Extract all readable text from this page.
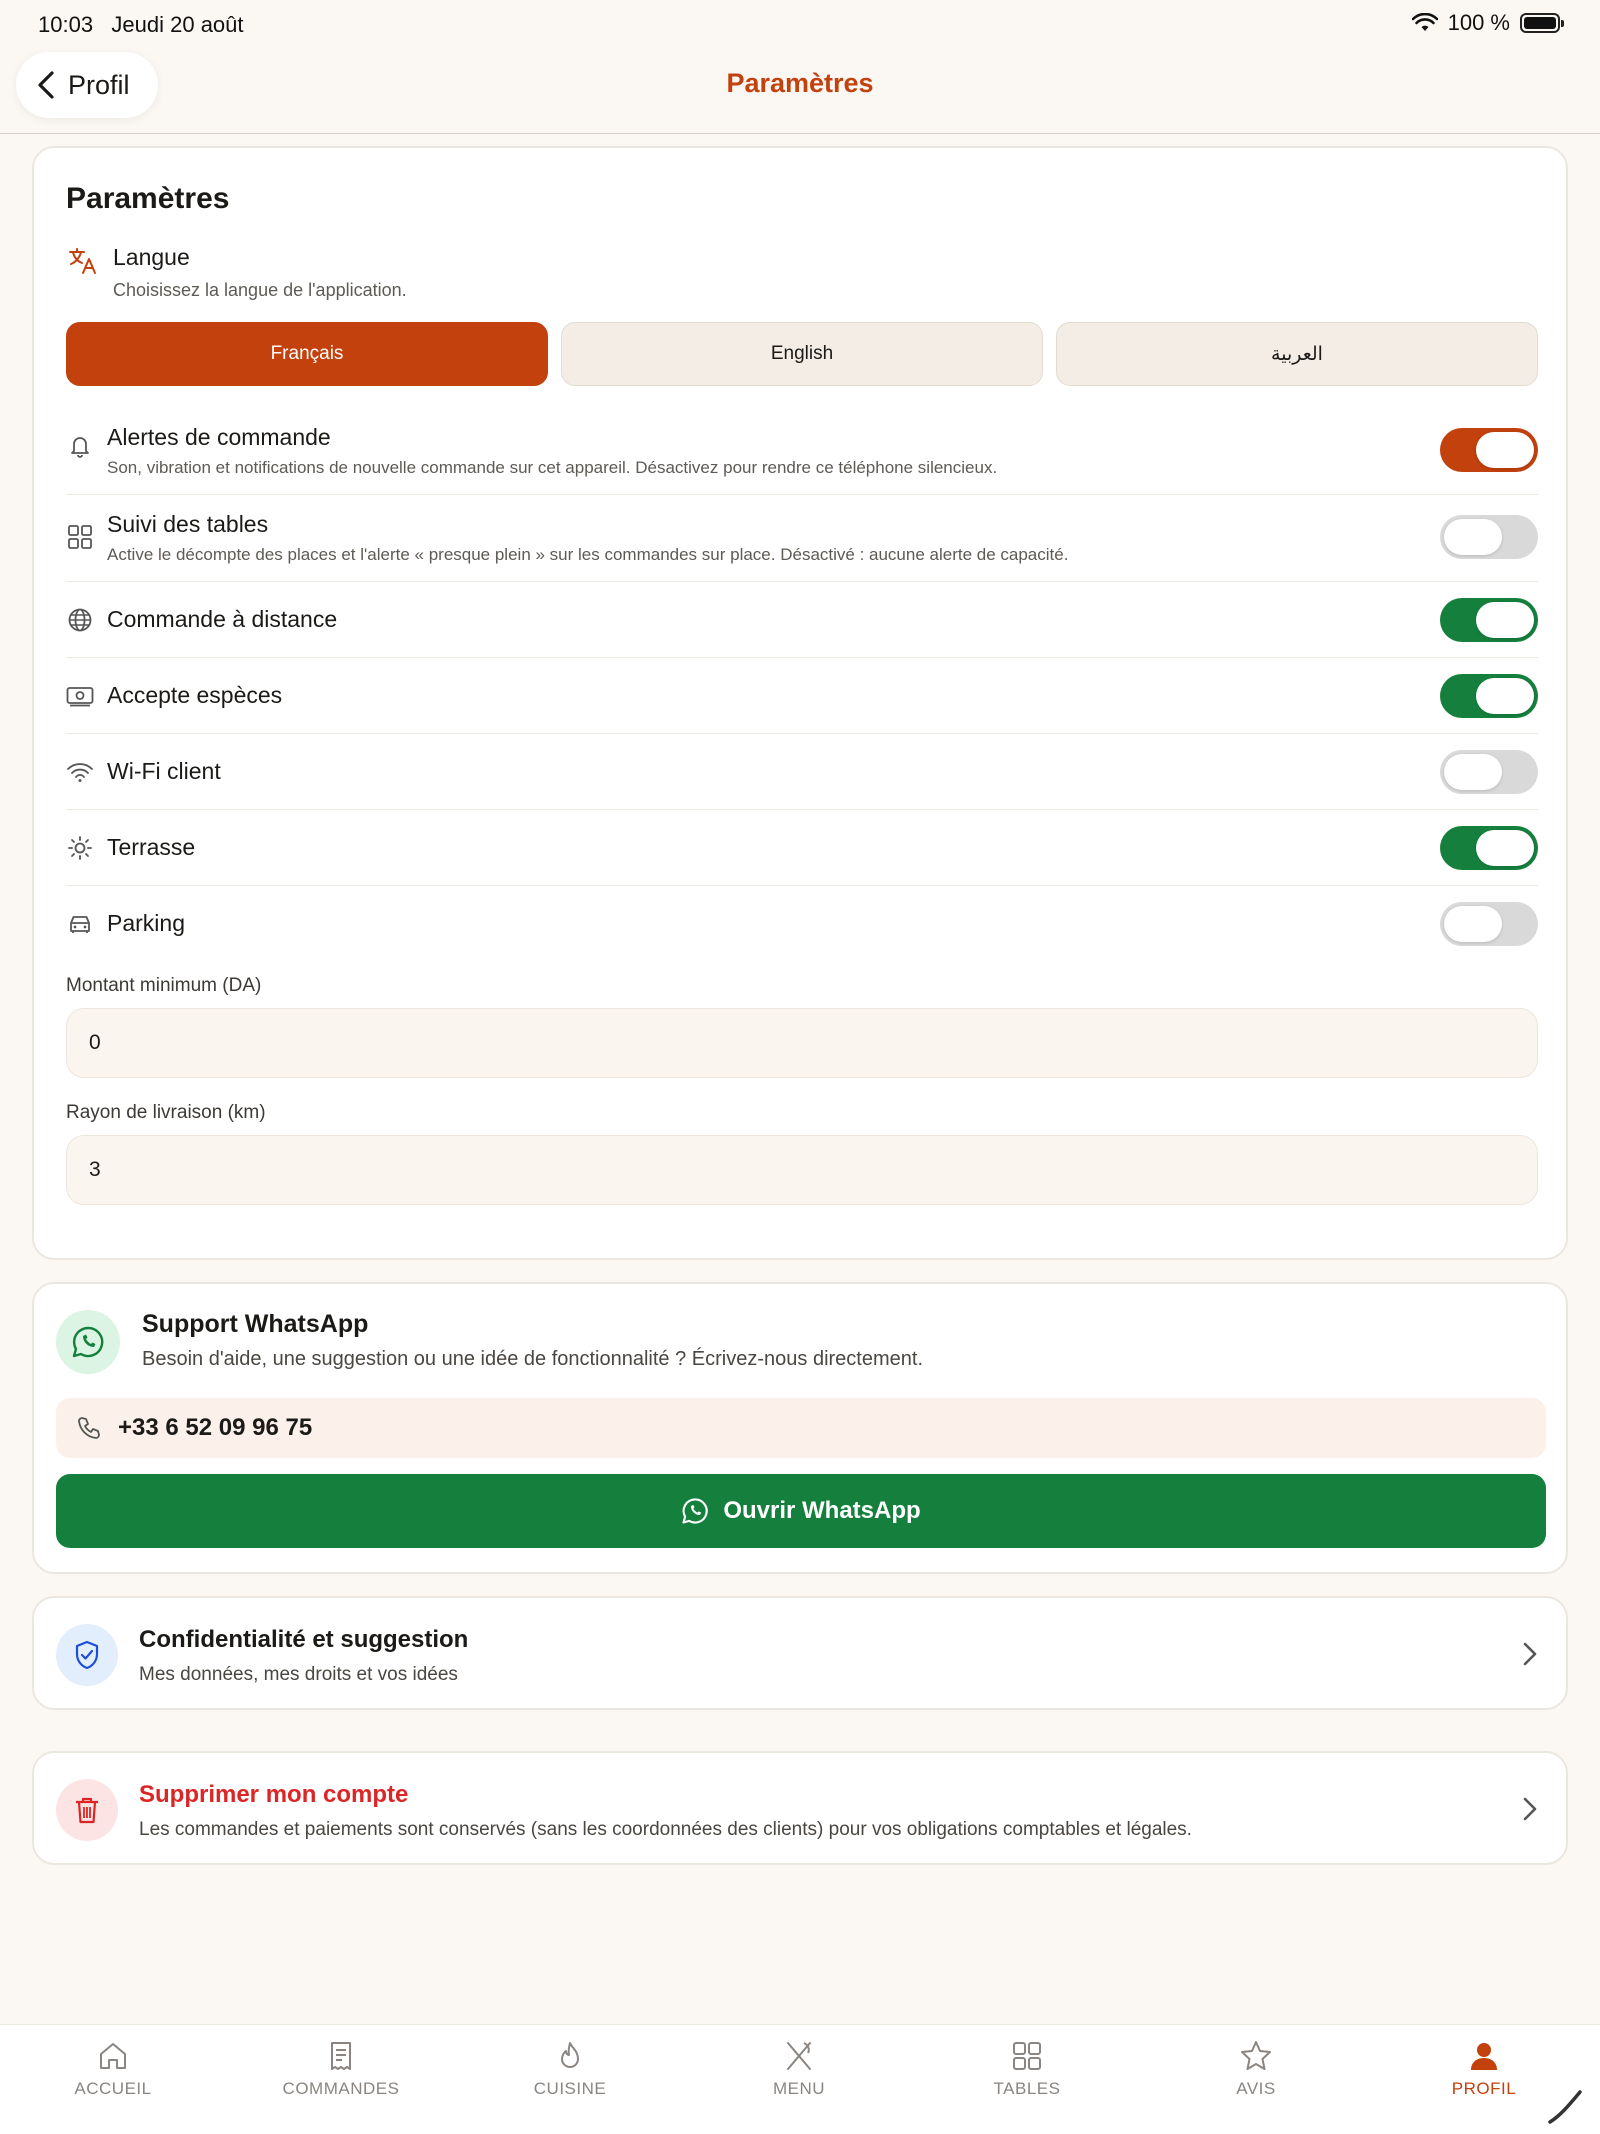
10:03 Jeudi 20 août	100 %
Profil	Paramètres
Paramètres
Langue
Choisissez la langue de l'application.
Français	English	العربية
Alertes de commande
Son, vibration et notifications de nouvelle commande sur cet appareil. Désactivez pour rendre ce téléphone silencieux.
Suivi des tables
Active le décompte des places et l'alerte « presque plein » sur les commandes sur place. Désactivé : aucune alerte de capacité.
Commande à distance
Accepte espèces
Wi-Fi client
Terrasse
Parking
Montant minimum (DA)
0
Rayon de livraison (km)
3
Support WhatsApp
Besoin d'aide, une suggestion ou une idée de fonctionnalité ? Écrivez-nous directement.
+33 6 52 09 96 75
Ouvrir WhatsApp
Confidentialité et suggestion
Mes données, mes droits et vos idées
Supprimer mon compte
Les commandes et paiements sont conservés (sans les coordonnées des clients) pour vos obligations comptables et légales.
ACCUEIL	COMMANDES	CUISINE	MENU	TABLES	AVIS	PROFIL
